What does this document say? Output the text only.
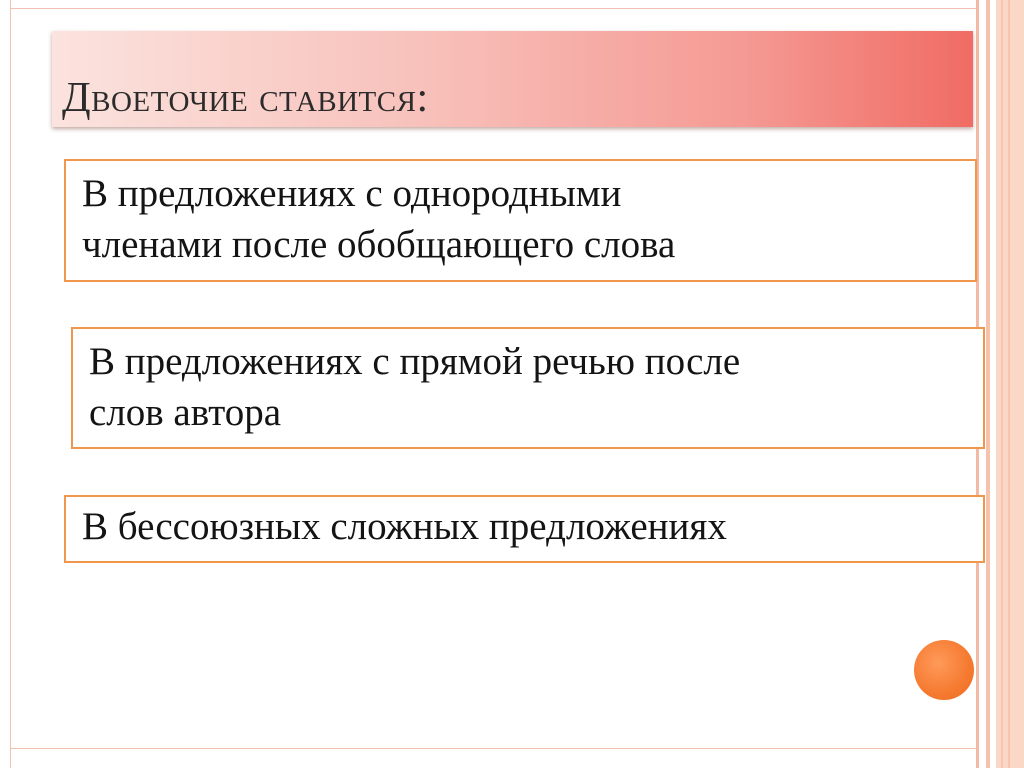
Двоеточие ставится:

В предложениях с однородными
членами после обобщающего слова

В предложениях с прямой речью после
слов автора

В бессоюзных сложных предложениях
